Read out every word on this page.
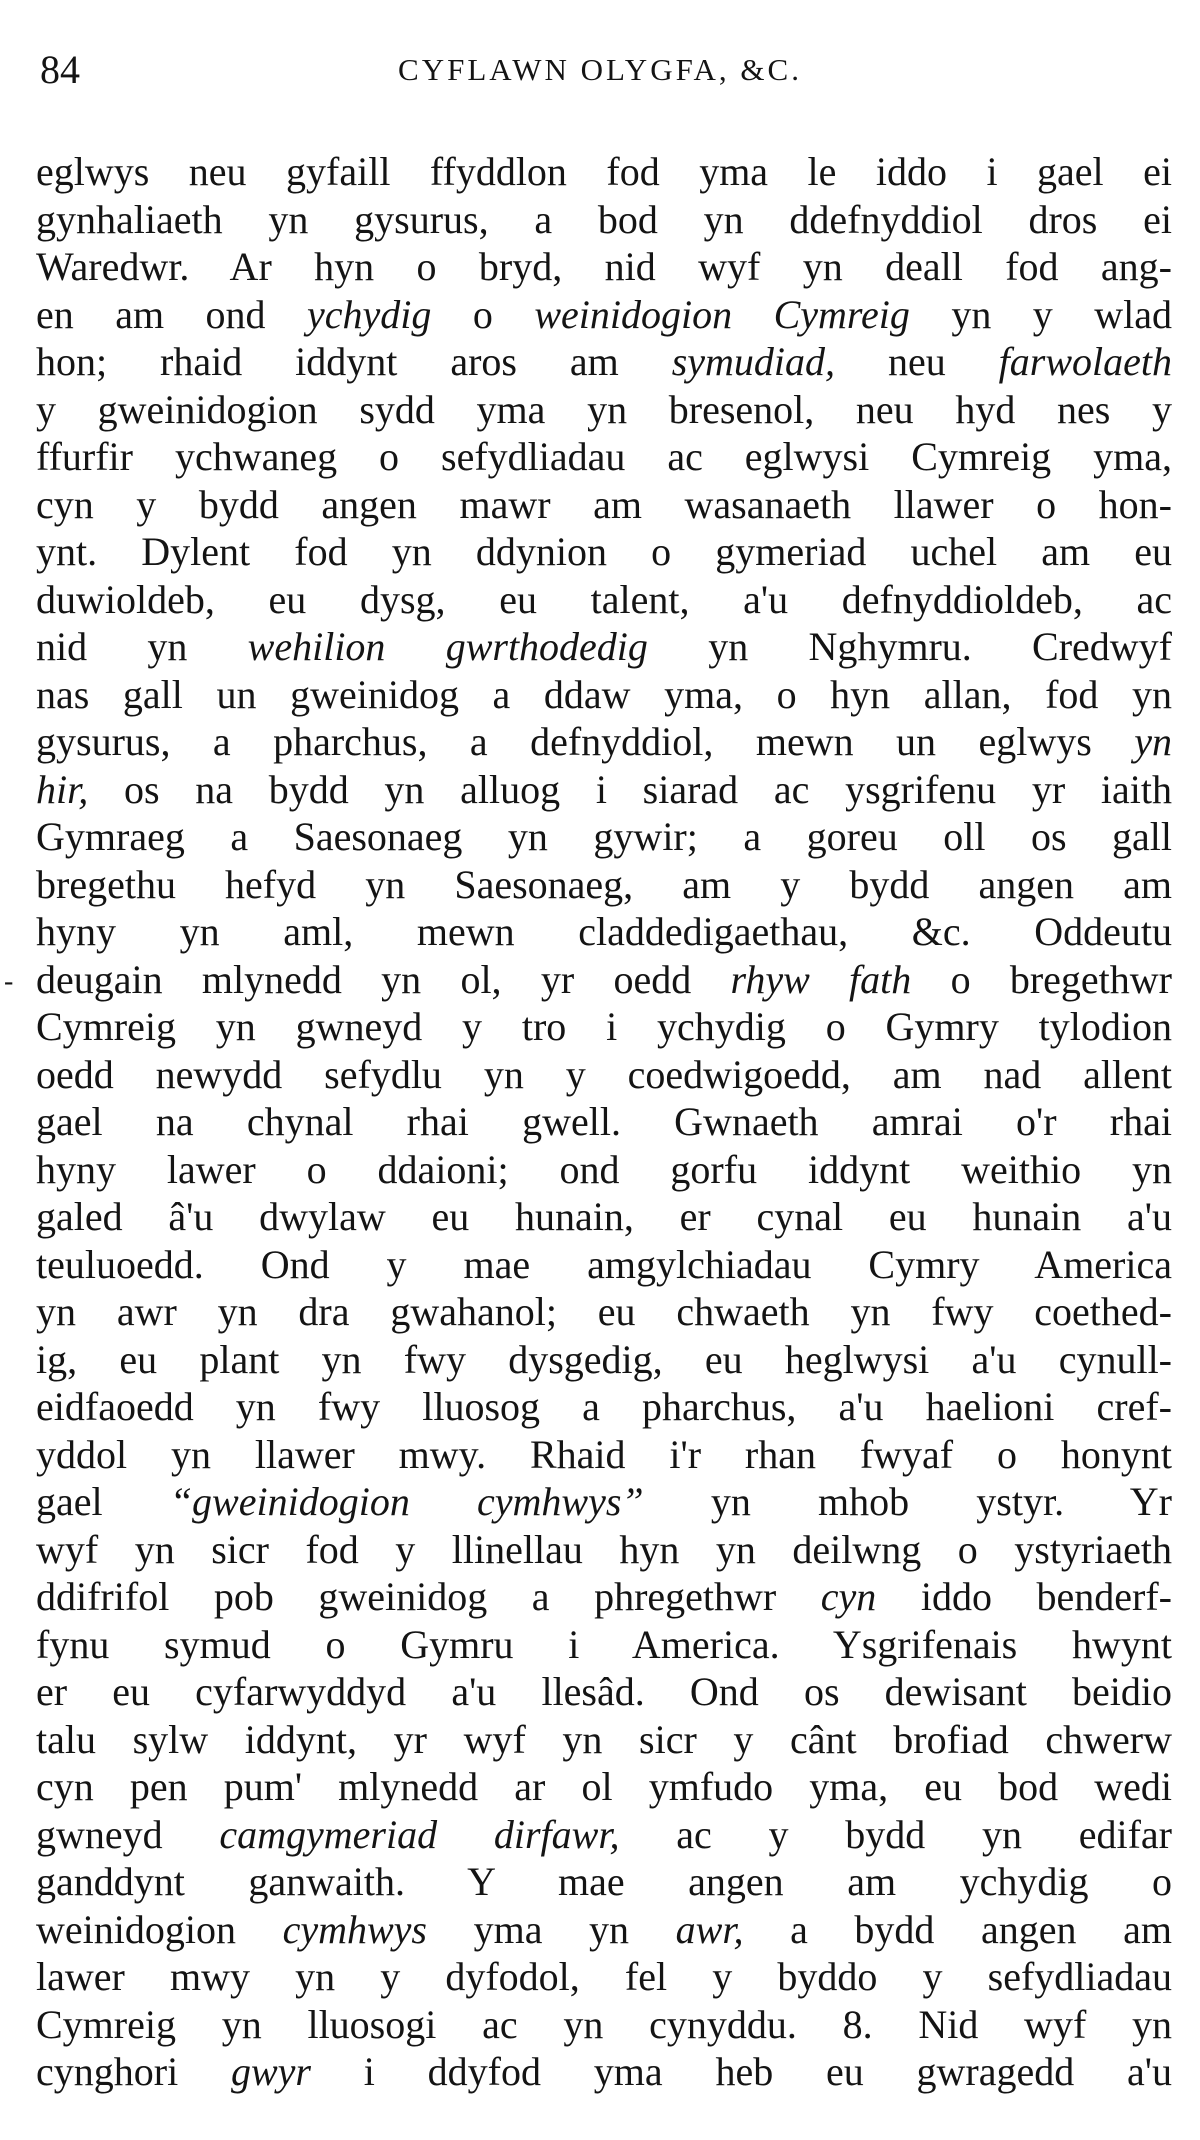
84	CYFLAWN OLYGFA, &C.
-
eglwys neu gyfaill ffyddlon fod yma le iddo i gael ei
gynhaliaeth yn gysurus, a bod yn ddefnyddiol dros ei
Waredwr. Ar hyn o bryd, nid wyf yn deall fod ang-
en am ond ychydig o weinidogion Cymreig yn y wlad
hon; rhaid iddynt aros am symudiad, neu farwolaeth
y gweinidogion sydd yma yn bresenol, neu hyd nes y
ffurfir ychwaneg o sefydliadau ac eglwysi Cymreig yma,
cyn y bydd angen mawr am wasanaeth llawer o hon-
ynt. Dylent fod yn ddynion o gymeriad uchel am eu
duwioldeb, eu dysg, eu talent, a'u defnyddioldeb, ac
nid yn wehilion gwrthodedig yn Nghymru. Credwyf
nas gall un gweinidog a ddaw yma, o hyn allan, fod yn
gysurus, a pharchus, a defnyddiol, mewn un eglwys yn
hir, os na bydd yn alluog i siarad ac ysgrifenu yr iaith
Gymraeg a Saesonaeg yn gywir; a goreu oll os gall
bregethu hefyd yn Saesonaeg, am y bydd angen am
hyny yn aml, mewn claddedigaethau, &c. Oddeutu
deugain mlynedd yn ol, yr oedd rhyw fath o bregethwr
Cymreig yn gwneyd y tro i ychydig o Gymry tylodion
oedd newydd sefydlu yn y coedwigoedd, am nad allent
gael na chynal rhai gwell. Gwnaeth amrai o'r rhai
hyny lawer o ddaioni; ond gorfu iddynt weithio yn
galed â'u dwylaw eu hunain, er cynal eu hunain a'u
teuluoedd. Ond y mae amgylchiadau Cymry America
yn awr yn dra gwahanol; eu chwaeth yn fwy coethed-
ig, eu plant yn fwy dysgedig, eu heglwysi a'u cynull-
eidfaoedd yn fwy lluosog a pharchus, a'u haelioni cref-
yddol yn llawer mwy. Rhaid i'r rhan fwyaf o honynt
gael “gweinidogion cymhwys” yn mhob ystyr. Yr
wyf yn sicr fod y llinellau hyn yn deilwng o ystyriaeth
ddifrifol pob gweinidog a phregethwr cyn iddo benderf-
fynu symud o Gymru i America. Ysgrifenais hwynt
er eu cyfarwyddyd a'u llesâd. Ond os dewisant beidio
talu sylw iddynt, yr wyf yn sicr y cânt brofiad chwerw
cyn pen pum' mlynedd ar ol ymfudo yma, eu bod wedi
gwneyd camgymeriad dirfawr, ac y bydd yn edifar
ganddynt ganwaith. Y mae angen am ychydig o
weinidogion cymhwys yma yn awr, a bydd angen am
lawer mwy yn y dyfodol, fel y byddo y sefydliadau
Cymreig yn lluosogi ac yn cynyddu. 8. Nid wyf yn
cynghori gwyr i ddyfod yma heb eu gwragedd a'u
